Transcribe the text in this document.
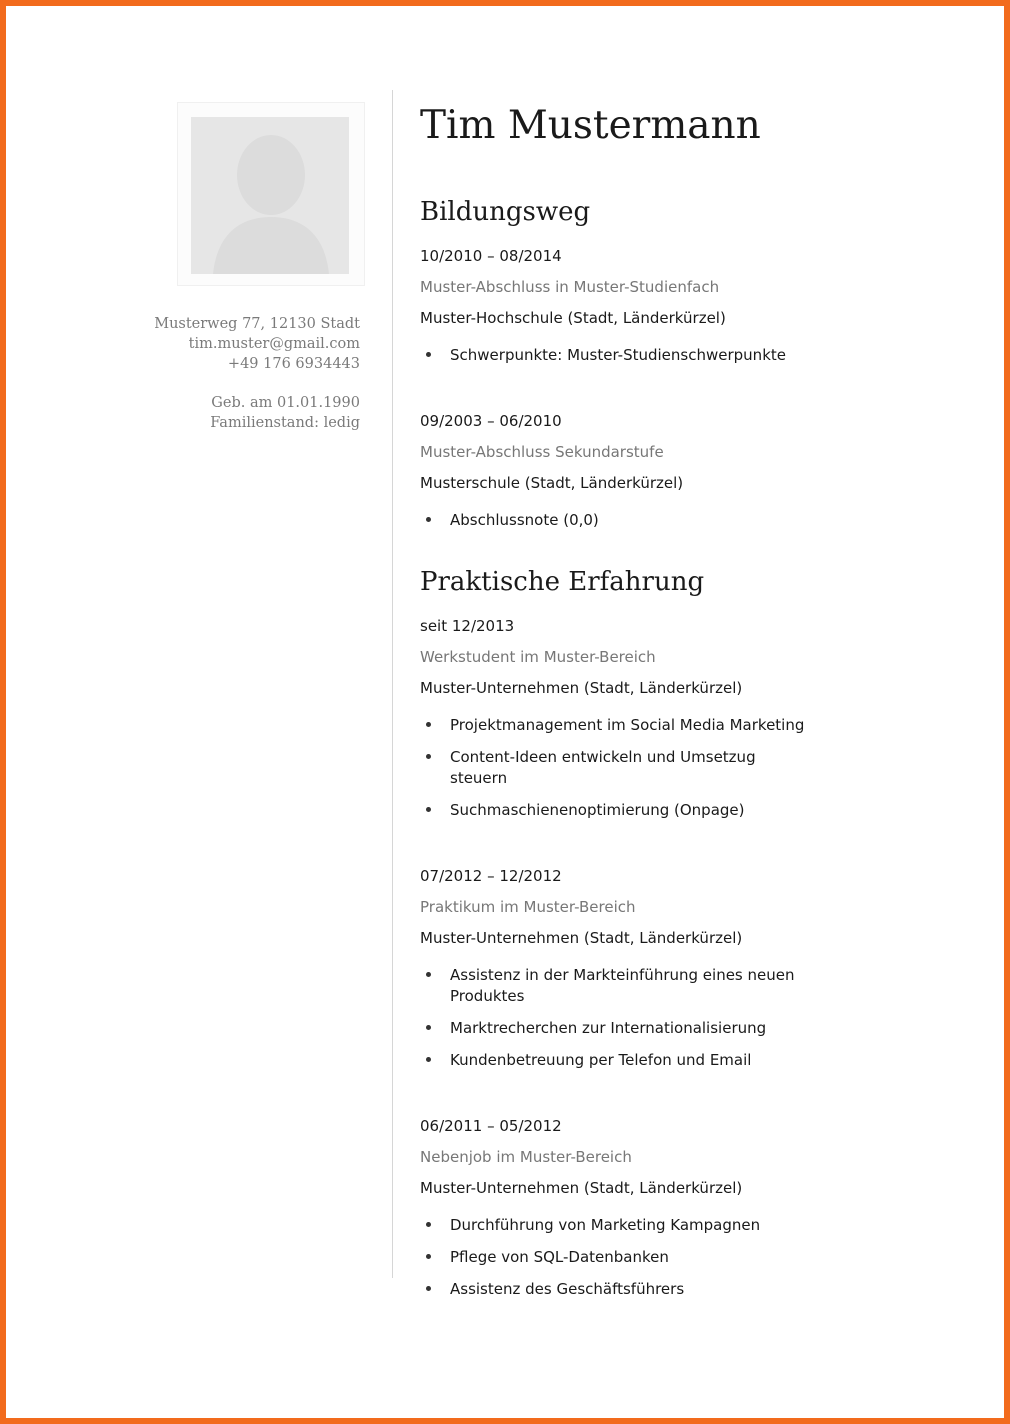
Musterweg 77, 12130 Stadt
tim.muster@gmail.com
+49 176 6934443
Geb. am 01.01.1990
Familienstand: ledig
Tim Mustermann
Bildungsweg
10/2010 – 08/2014
Muster-Abschluss in Muster-Studienfach
Muster-Hochschule (Stadt, Länderkürzel)
Schwerpunkte: Muster-Studienschwerpunkte
09/2003 – 06/2010
Muster-Abschluss Sekundarstufe
Musterschule (Stadt, Länderkürzel)
Abschlussnote (0,0)
Praktische Erfahrung
seit 12/2013
Werkstudent im Muster-Bereich
Muster-Unternehmen (Stadt, Länderkürzel)
Projektmanagement im Social Media Marketing
Content-Ideen entwickeln und Umsetzug steuern
Suchmaschienenoptimierung (Onpage)
07/2012 – 12/2012
Praktikum im Muster-Bereich
Muster-Unternehmen (Stadt, Länderkürzel)
Assistenz in der Markteinführung eines neuen Produktes
Marktrecherchen zur Internationalisierung
Kundenbetreuung per Telefon und Email
06/2011 – 05/2012
Nebenjob im Muster-Bereich
Muster-Unternehmen (Stadt, Länderkürzel)
Durchführung von Marketing Kampagnen
Pflege von SQL-Datenbanken
Assistenz des Geschäftsführers
